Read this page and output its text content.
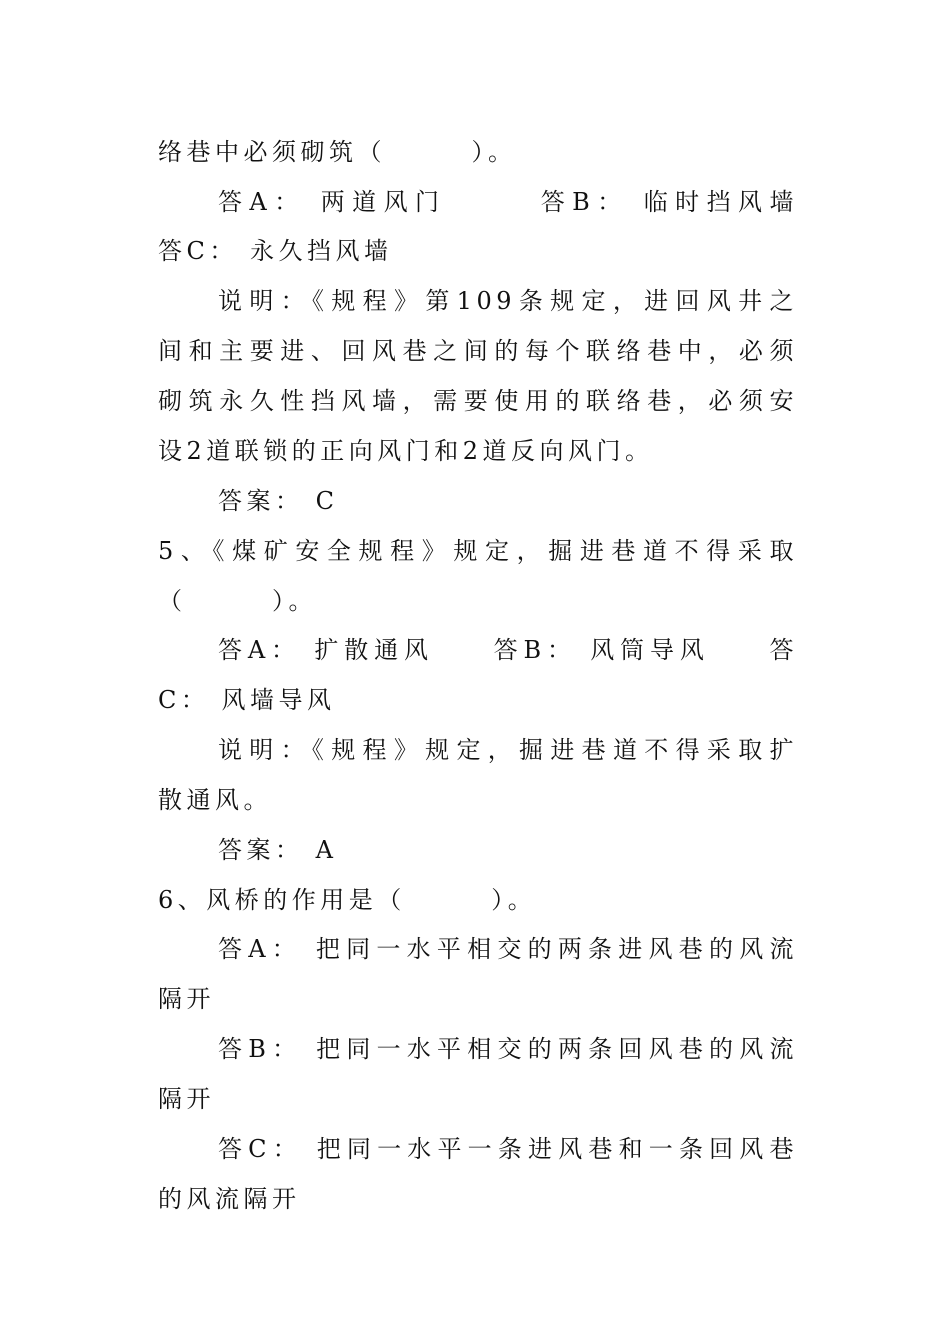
络巷中必须砌筑（　　　）。
答A： 两道风门　　　答B： 临时挡风墙
答C： 永久挡风墙
说明：《规程》第109条规定，进回风井之
间和主要进、回风巷之间的每个联络巷中，必须
砌筑永久性挡风墙，需要使用的联络巷，必须安
设2道联锁的正向风门和2道反向风门。
答案： C
5、《煤矿安全规程》规定，掘进巷道不得采取
（　　　）。
答A： 扩散通风　　答B： 风筒导风　　答
C： 风墙导风
说明：《规程》规定，掘进巷道不得采取扩
散通风。
答案： A
6、风桥的作用是（　　　）。
答A： 把同一水平相交的两条进风巷的风流
隔开
答B： 把同一水平相交的两条回风巷的风流
隔开
答C： 把同一水平一条进风巷和一条回风巷
的风流隔开
